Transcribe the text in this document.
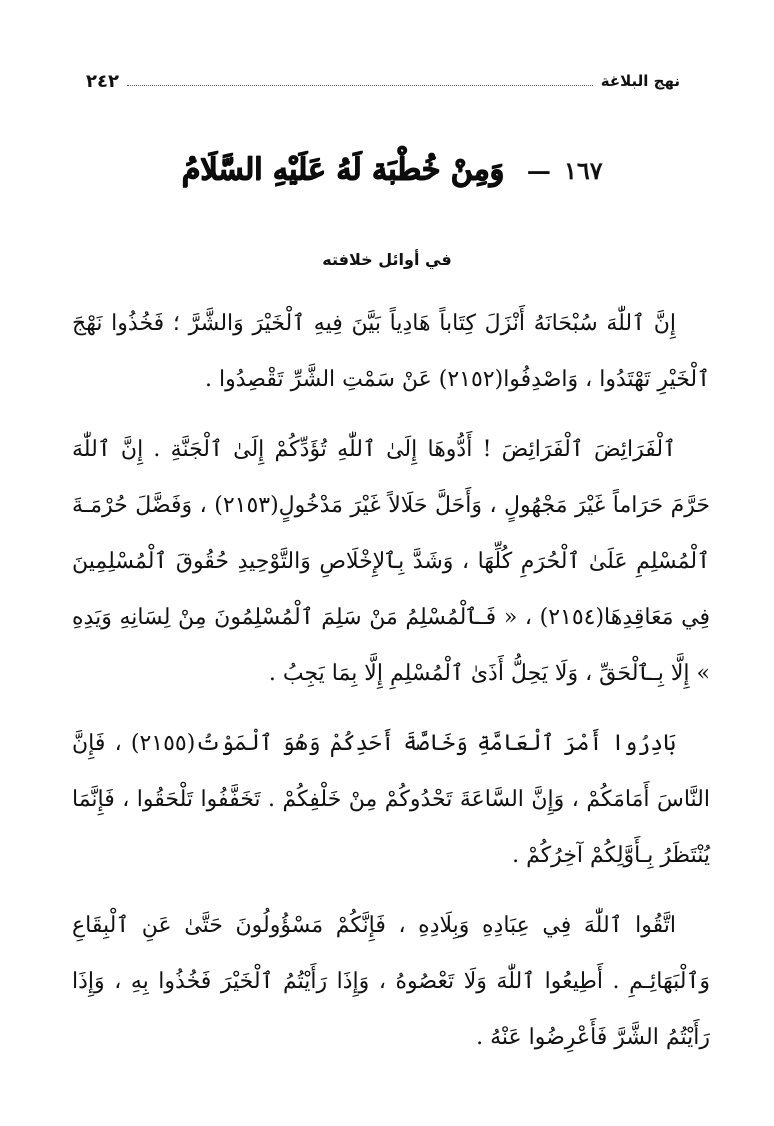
نهج البلاغة
٢٤٢
١٦٧ — وَمِنْ خُطْبَة لَهُ عَلَيْهِ السَّلَامُ
في أوائل خلافته

إِنَّ ٱللّٰهَ سُبْحَانَهُ أَنْزَلَ كِتَاباً هَادِياً بَيَّنَ فِيهِ ٱلْخَيْرَ وَالشَّرَّ ؛ فَخُذُوا نَهْجَ ٱلْخَيْرِ تَهْتَدُوا ، وَاصْدِفُوا(٢١٥٢) عَنْ سَمْتِ الشَّرِّ تَقْصِدُوا .

ٱلْفَرَائِضَ ٱلْفَرَائِضَ ! أَدُّوهَا إِلَىٰ ٱللّٰهِ تُؤَدِّكُمْ إِلَىٰ ٱلْجَنَّةِ . إِنَّ ٱللّٰهَ حَرَّمَ حَرَاماً غَيْرَ مَجْهُولٍ ، وَأَحَلَّ حَلَالاً غَيْرَ مَدْخُولٍ(٢١٥٣) ، وَفَضَّلَ حُرْمَـةَ ٱلْمُسْلِمِ عَلَىٰ ٱلْحُرَمِ كُلِّهَا ، وَشَدَّ بِٱلإِخْلَاصِ وَالتَّوْحِيدِ حُقُوقَ ٱلْمُسْلِمِينَ فِي مَعَاقِدِهَا(٢١٥٤) ، « فَـٱلْمُسْلِمُ مَنْ سَلِمَ ٱلْمُسْلِمُونَ مِنْ لِسَانِهِ وَيَدِهِ » إِلَّا بِـٱلْحَقِّ ، وَلَا يَحِلُّ أَذَىٰ ٱلْمُسْلِمِ إِلَّا بِمَا يَجِبُ .

بَادِرُوا أَمْرَ ٱلْعَامَّةِ وَخَاصَّةَ أَحَدِكُمْ وَهُوَ ٱلْمَوْتُ(٢١٥٥) ، فَإِنَّ النَّاسَ أَمَامَكُمْ ، وَإِنَّ السَّاعَةَ تَحْدُوكُمْ مِنْ خَلْفِكُمْ . تَخَفَّفُوا تَلْحَقُوا ، فَإِنَّمَا يُنْتَظَرُ بِـأَوَّلِكُمْ آخِرُكُمْ .

اتَّقُوا ٱللّٰهَ فِي عِبَادِهِ وَبِلَادِهِ ، فَإِنَّكُمْ مَسْؤُولُونَ حَتَّىٰ عَنِ ٱلْبِقَاعِ وَٱلْبَهَائِـمِ . أَطِيعُوا ٱللّٰهَ وَلَا تَعْصُوهُ ، وَإِذَا رَأَيْتُمُ ٱلْخَيْرَ فَخُذُوا بِهِ ، وَإِذَا رَأَيْتُمُ الشَّرَّ فَأَعْرِضُوا عَنْهُ .
